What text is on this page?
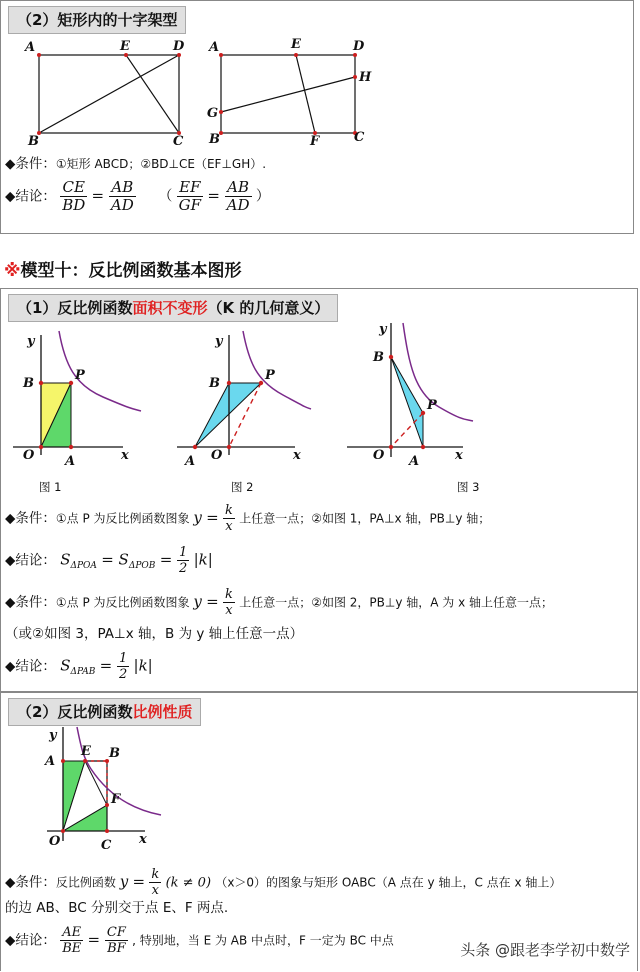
（2）矩形内的十字架型
A	E	D
B	C
A	E	D
H
G
B	F	C
◆条件：①矩形 ABCD；②BD⊥CE（EF⊥GH）.
◆结论： $\frac{CE}{BD} = \frac{AB}{AD}$ （ $\frac{EF}{GF} = \frac{AB}{AD}$ ）
※模型十：反比例函数基本图形
（1）反比例函数面积不变形（K 的几何意义）
y
B
P
O A	x
图 1
y
B
P
A O	x
图 2
y
B
P
O A	x
图 3
◆条件：①点 P 为反比例函数图象 $y = \frac{k}{x}$ 上任意一点；②如图 1，PA⊥x 轴，PB⊥y 轴；
◆结论： $S_{\Delta POA} = S_{\Delta POB} = \frac{1}{2} |k|$
◆条件：①点 P 为反比例函数图象 $y = \frac{k}{x}$ 上任意一点；②如图 2，PB⊥y 轴，A 为 x 轴上任意一点；
（或②如图 3，PA⊥x 轴，B 为 y 轴上任意一点）
◆结论： $S_{\Delta PAB} = \frac{1}{2} |k|$
（2）反比例函数比例性质
y
A
E B
F
O	C x
◆条件：反比例函数 $y = \frac{k}{x} (k \ne 0)$ （x＞0）的图象与矩形 OABC（A 点在 y 轴上，C 点在 x 轴上）
的边 AB、BC 分别交于点 E、F 两点.
◆结论： $\frac{AE}{BE} = \frac{CF}{BF}$ , 特别地，当 E 为 AB 中点时，F 一定为 BC 中点
头条 @跟老李学初中数学
